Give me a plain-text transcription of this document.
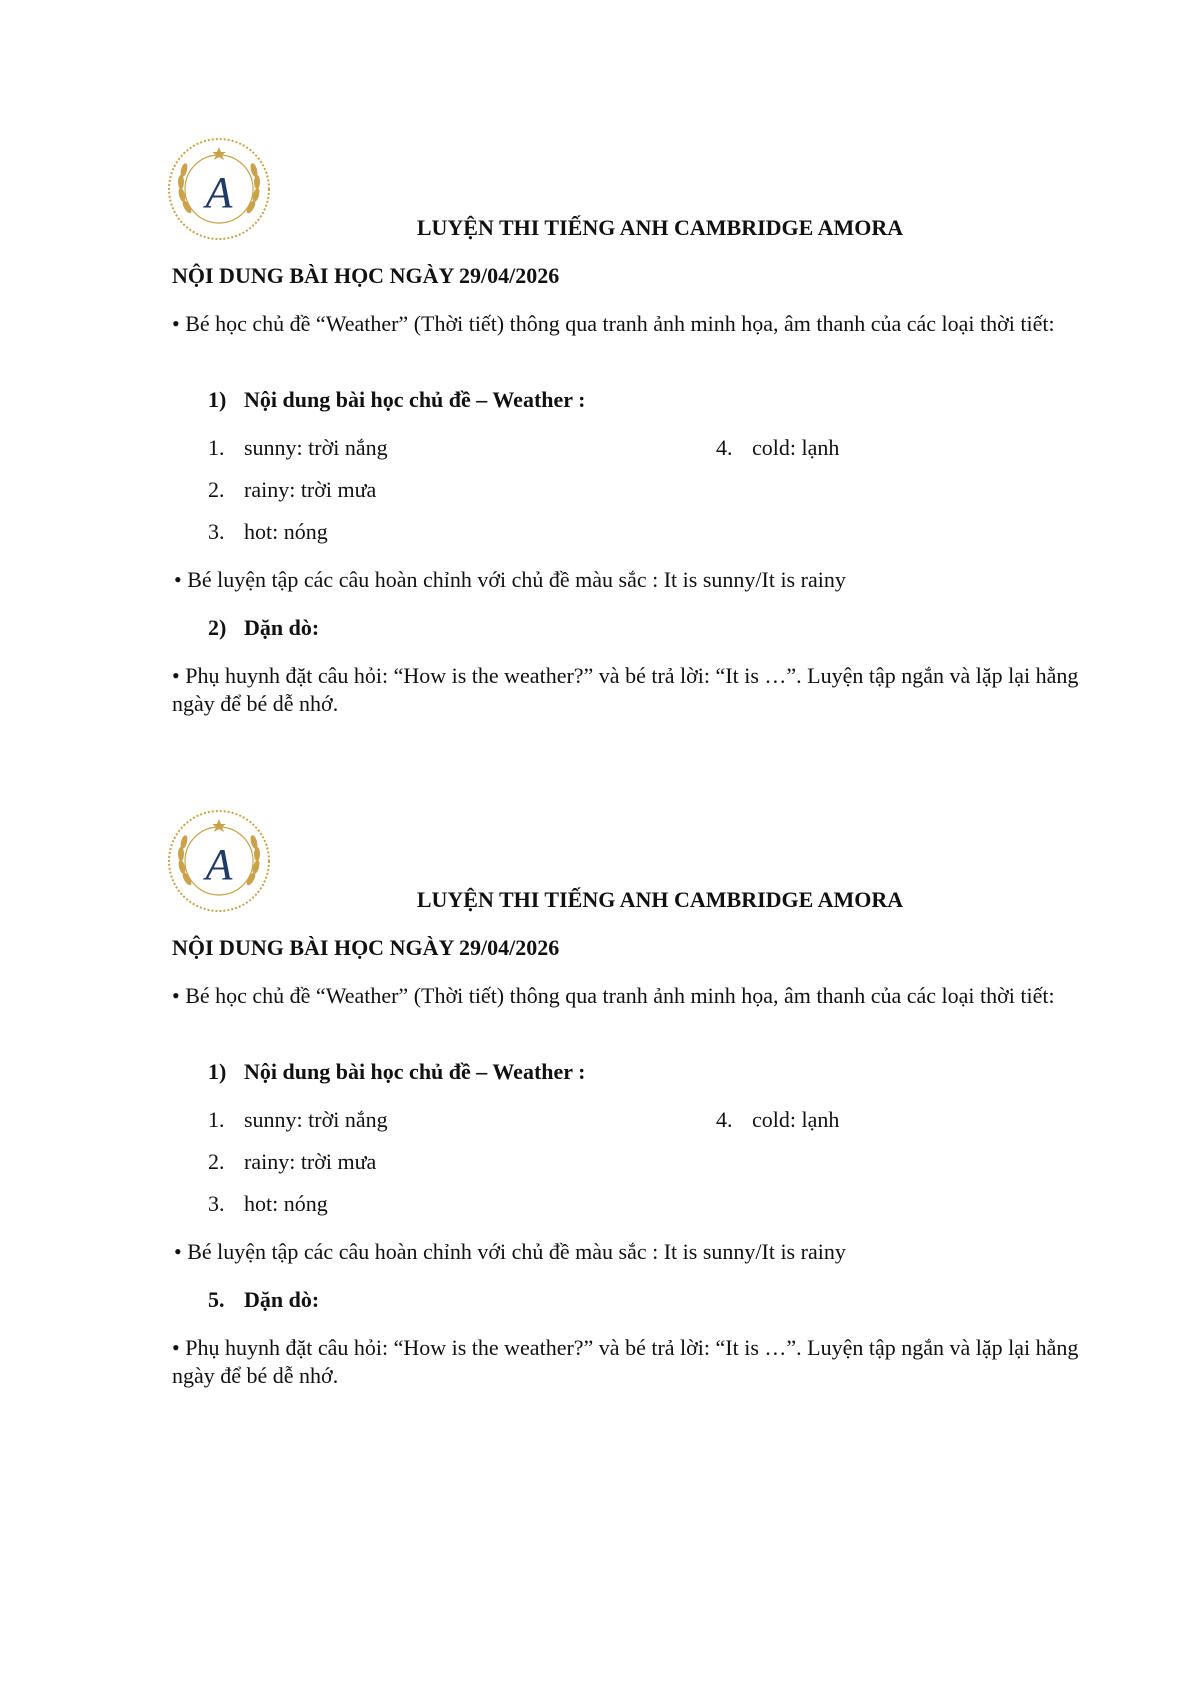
A
LUYỆN THI TIẾNG ANH CAMBRIDGE AMORA
NỘI DUNG BÀI HỌC NGÀY 29/04/2026
• Bé học chủ đề “Weather” (Thời tiết) thông qua tranh ảnh minh họa, âm thanh của các loại thời tiết:
1) Nội dung bài học chủ đề – Weather :
1. sunny: trời nắng
2. rainy: trời mưa
3. hot: nóng
4. cold: lạnh
• Bé luyện tập các câu hoàn chỉnh với chủ đề màu sắc : It is sunny/It is rainy
2) Dặn dò:
• Phụ huynh đặt câu hỏi: “How is the weather?” và bé trả lời: “It is …”. Luyện tập ngắn và lặp lại hằng ngày để bé dễ nhớ.
A
LUYỆN THI TIẾNG ANH CAMBRIDGE AMORA
NỘI DUNG BÀI HỌC NGÀY 29/04/2026
• Bé học chủ đề “Weather” (Thời tiết) thông qua tranh ảnh minh họa, âm thanh của các loại thời tiết:
1) Nội dung bài học chủ đề – Weather :
1. sunny: trời nắng
2. rainy: trời mưa
3. hot: nóng
4. cold: lạnh
• Bé luyện tập các câu hoàn chỉnh với chủ đề màu sắc : It is sunny/It is rainy
5. Dặn dò:
• Phụ huynh đặt câu hỏi: “How is the weather?” và bé trả lời: “It is …”. Luyện tập ngắn và lặp lại hằng ngày để bé dễ nhớ.
